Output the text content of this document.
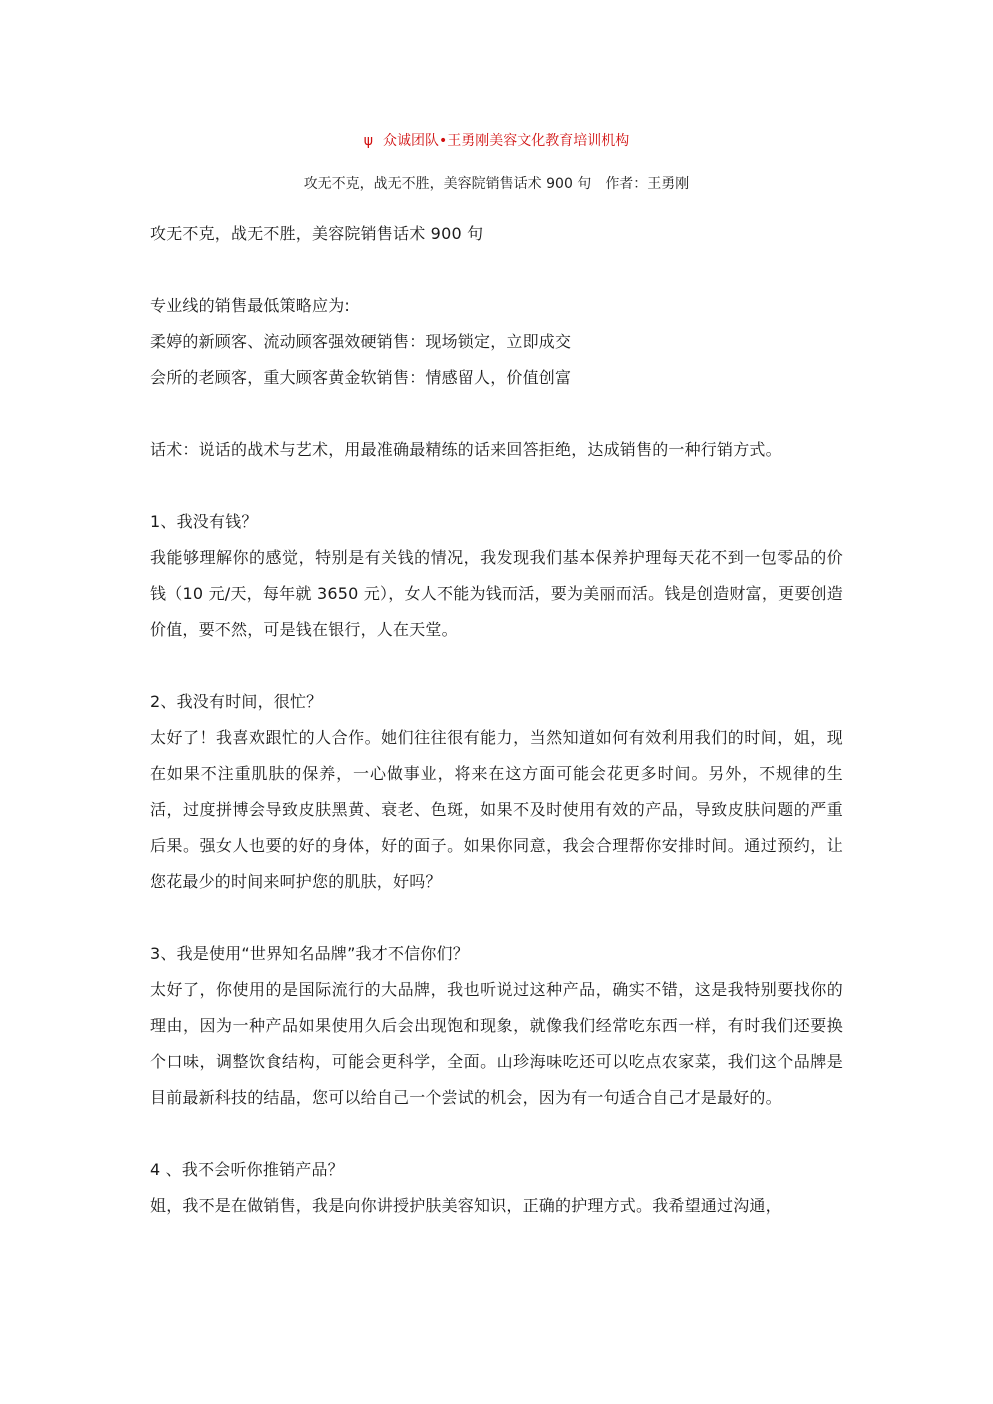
ψ 众诚团队•王勇刚美容文化教育培训机构
攻无不克，战无不胜，美容院销售话术 900 句 作者：王勇刚

攻无不克，战无不胜，美容院销售话术 900 句

专业线的销售最低策略应为:

柔婷的新顾客、流动顾客强效硬销售：现场锁定，立即成交

会所的老顾客，重大顾客黄金软销售：情感留人，价值创富

话术：说话的战术与艺术，用最准确最精练的话来回答拒绝，达成销售的一种行销方式。

1、我没有钱？

我能够理解你的感觉，特别是有关钱的情况，我发现我们基本保养护理每天花不到一包零品的价钱（10 元/天，每年就 3650 元），女人不能为钱而活，要为美丽而活。钱是创造财富，更要创造价值，要不然，可是钱在银行，人在天堂。

2、我没有时间，很忙？

太好了！我喜欢跟忙的人合作。她们往往很有能力，当然知道如何有效利用我们的时间，姐，现在如果不注重肌肤的保养，一心做事业，将来在这方面可能会花更多时间。另外，不规律的生活，过度拼博会导致皮肤黑黄、衰老、色斑，如果不及时使用有效的产品，导致皮肤问题的严重后果。强女人也要的好的身体，好的面子。如果你同意，我会合理帮你安排时间。通过预约，让您花最少的时间来呵护您的肌肤，好吗？

3、我是使用“世界知名品牌”我才不信你们？

太好了，你使用的是国际流行的大品牌，我也听说过这种产品，确实不错，这是我特别要找你的理由，因为一种产品如果使用久后会出现饱和现象，就像我们经常吃东西一样，有时我们还要换个口味，调整饮食结构，可能会更科学，全面。山珍海味吃还可以吃点农家菜，我们这个品牌是目前最新科技的结晶，您可以给自己一个尝试的机会，因为有一句适合自己才是最好的。

4 、我不会听你推销产品？

姐，我不是在做销售，我是向你讲授护肤美容知识，正确的护理方式。我希望通过沟通，
